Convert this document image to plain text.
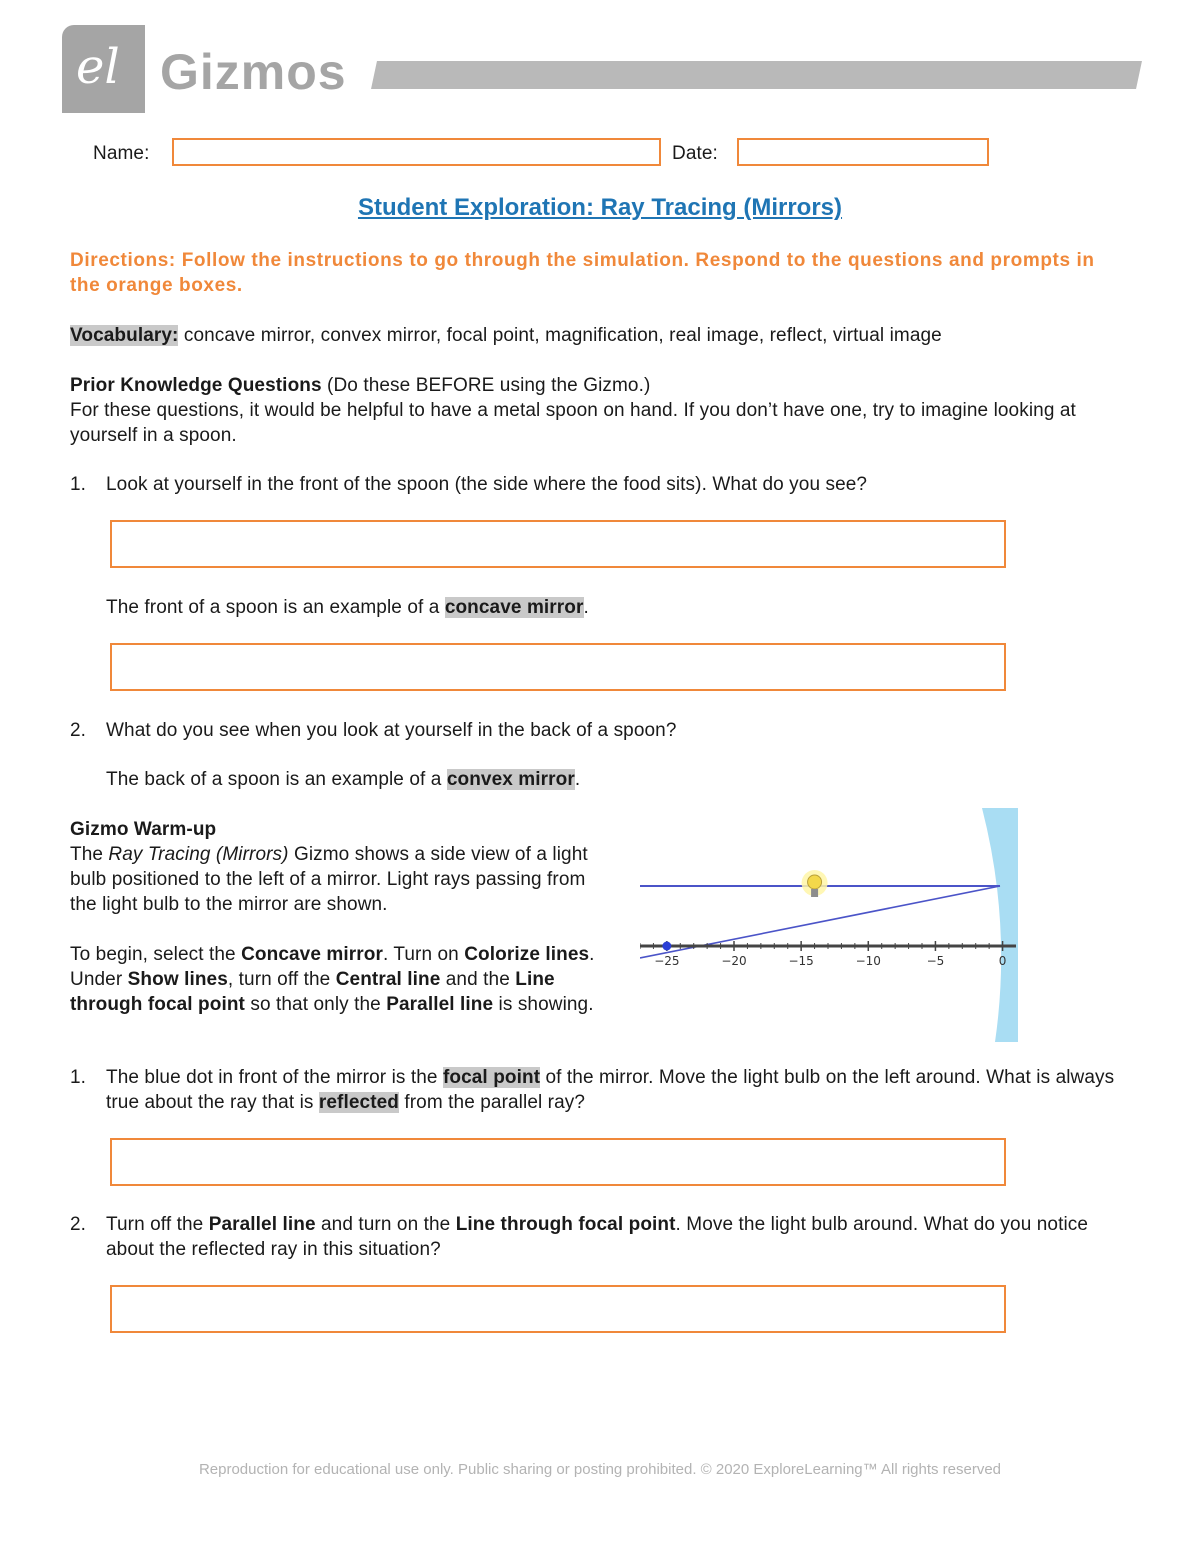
el Gizmos
Name:	Date:
Student Exploration: Ray Tracing (Mirrors)
Directions: Follow the instructions to go through the simulation. Respond to the questions and prompts in the orange boxes.
Vocabulary: concave mirror, convex mirror, focal point, magnification, real image, reflect, virtual image
Prior Knowledge Questions (Do these BEFORE using the Gizmo.)
For these questions, it would be helpful to have a metal spoon on hand. If you don’t have one, try to imagine looking at yourself in a spoon.
1. Look at yourself in the front of the spoon (the side where the food sits). What do you see?
The front of a spoon is an example of a concave mirror.
2. What do you see when you look at yourself in the back of a spoon?
The back of a spoon is an example of a convex mirror.
Gizmo Warm-up
The Ray Tracing (Mirrors) Gizmo shows a side view of a light bulb positioned to the left of a mirror. Light rays passing from the light bulb to the mirror are shown.
To begin, select the Concave mirror. Turn on Colorize lines. Under Show lines, turn off the Central line and the Line through focal point so that only the Parallel line is showing.
−25	−20	−15	−10	−5	0
1. The blue dot in front of the mirror is the focal point of the mirror. Move the light bulb on the left around. What is always true about the ray that is reflected from the parallel ray?
2. Turn off the Parallel line and turn on the Line through focal point. Move the light bulb around. What do you notice about the reflected ray in this situation?
Reproduction for educational use only. Public sharing or posting prohibited. © 2020 ExploreLearning™ All rights reserved
